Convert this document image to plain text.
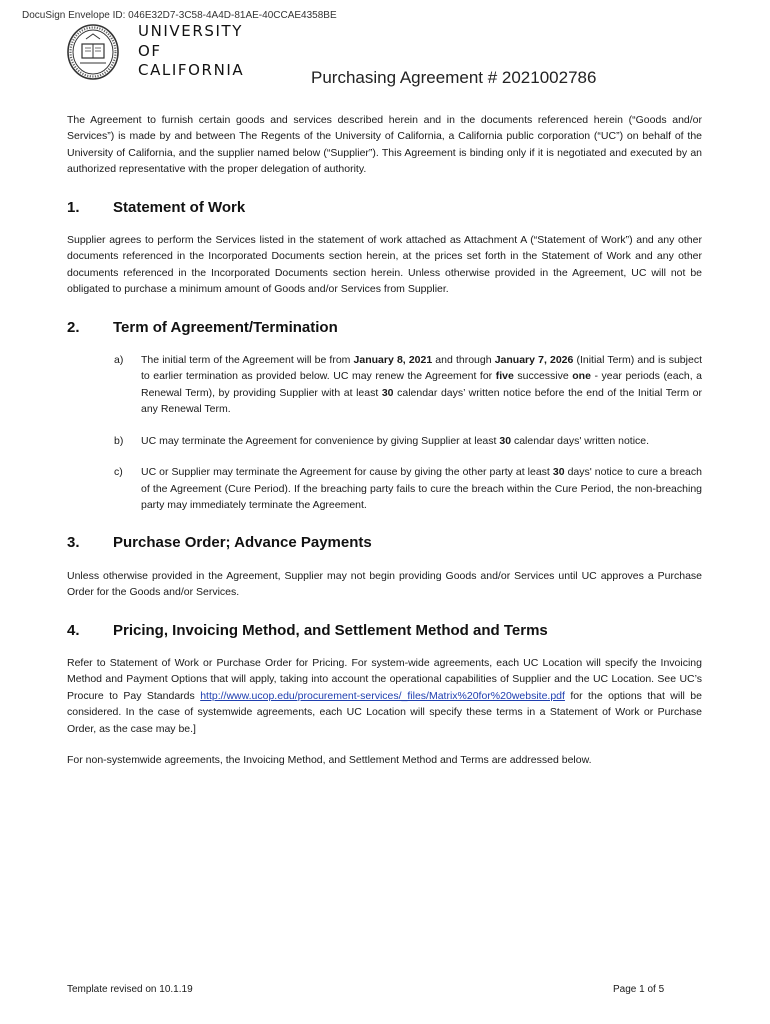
DocuSign Envelope ID: 046E32D7-3C58-4A4D-81AE-40CCAE4358BE
UNIVERSITY
OF
CALIFORNIA	Purchasing Agreement # 2021002786

The Agreement to furnish certain goods and services described herein and in the documents referenced herein (“Goods and/or Services”) is made by and between The Regents of the University of California, a California public corporation (“UC”) on behalf of the University of California, and the supplier named below (“Supplier”). This Agreement is binding only if it is negotiated and executed by an authorized representative with the proper delegation of authority.

1.	Statement of Work

Supplier agrees to perform the Services listed in the statement of work attached as Attachment A (“Statement of Work”) and any other documents referenced in the Incorporated Documents section herein, at the prices set forth in the Statement of Work and any other documents referenced in the Incorporated Documents section herein. Unless otherwise provided in the Agreement, UC will not be obligated to purchase a minimum amount of Goods and/or Services from Supplier.

2.	Term of Agreement/Termination
a)	The initial term of the Agreement will be from January 8, 2021 and through January 7, 2026 (Initial Term) and is subject to earlier termination as provided below. UC may renew the Agreement for five successive one - year periods (each, a Renewal Term), by providing Supplier with at least 30 calendar days’ written notice before the end of the Initial Term or any Renewal Term.

b)	UC may terminate the Agreement for convenience by giving Supplier at least 30 calendar days' written notice.

c)	UC or Supplier may terminate the Agreement for cause by giving the other party at least 30 days' notice to cure a breach of the Agreement (Cure Period). If the breaching party fails to cure the breach within the Cure Period, the non-breaching party may immediately terminate the Agreement.

3.	Purchase Order; Advance Payments

Unless otherwise provided in the Agreement, Supplier may not begin providing Goods and/or Services until UC approves a Purchase Order for the Goods and/or Services.

4.	Pricing, Invoicing Method, and Settlement Method and Terms

Refer to Statement of Work or Purchase Order for Pricing. For system-wide agreements, each UC Location will specify the Invoicing Method and Payment Options that will apply, taking into account the operational capabilities of Supplier and the UC Location. See UC’s Procure to Pay Standards http://www.ucop.edu/procurement-services/_files/Matrix%20for%20website.pdf for the options that will be considered. In the case of systemwide agreements, each UC Location will specify these terms in a Statement of Work or Purchase Order, as the case may be.]

For non-systemwide agreements, the Invoicing Method, and Settlement Method and Terms are addressed below.

Template revised on 10.1.19	Page 1 of 5
